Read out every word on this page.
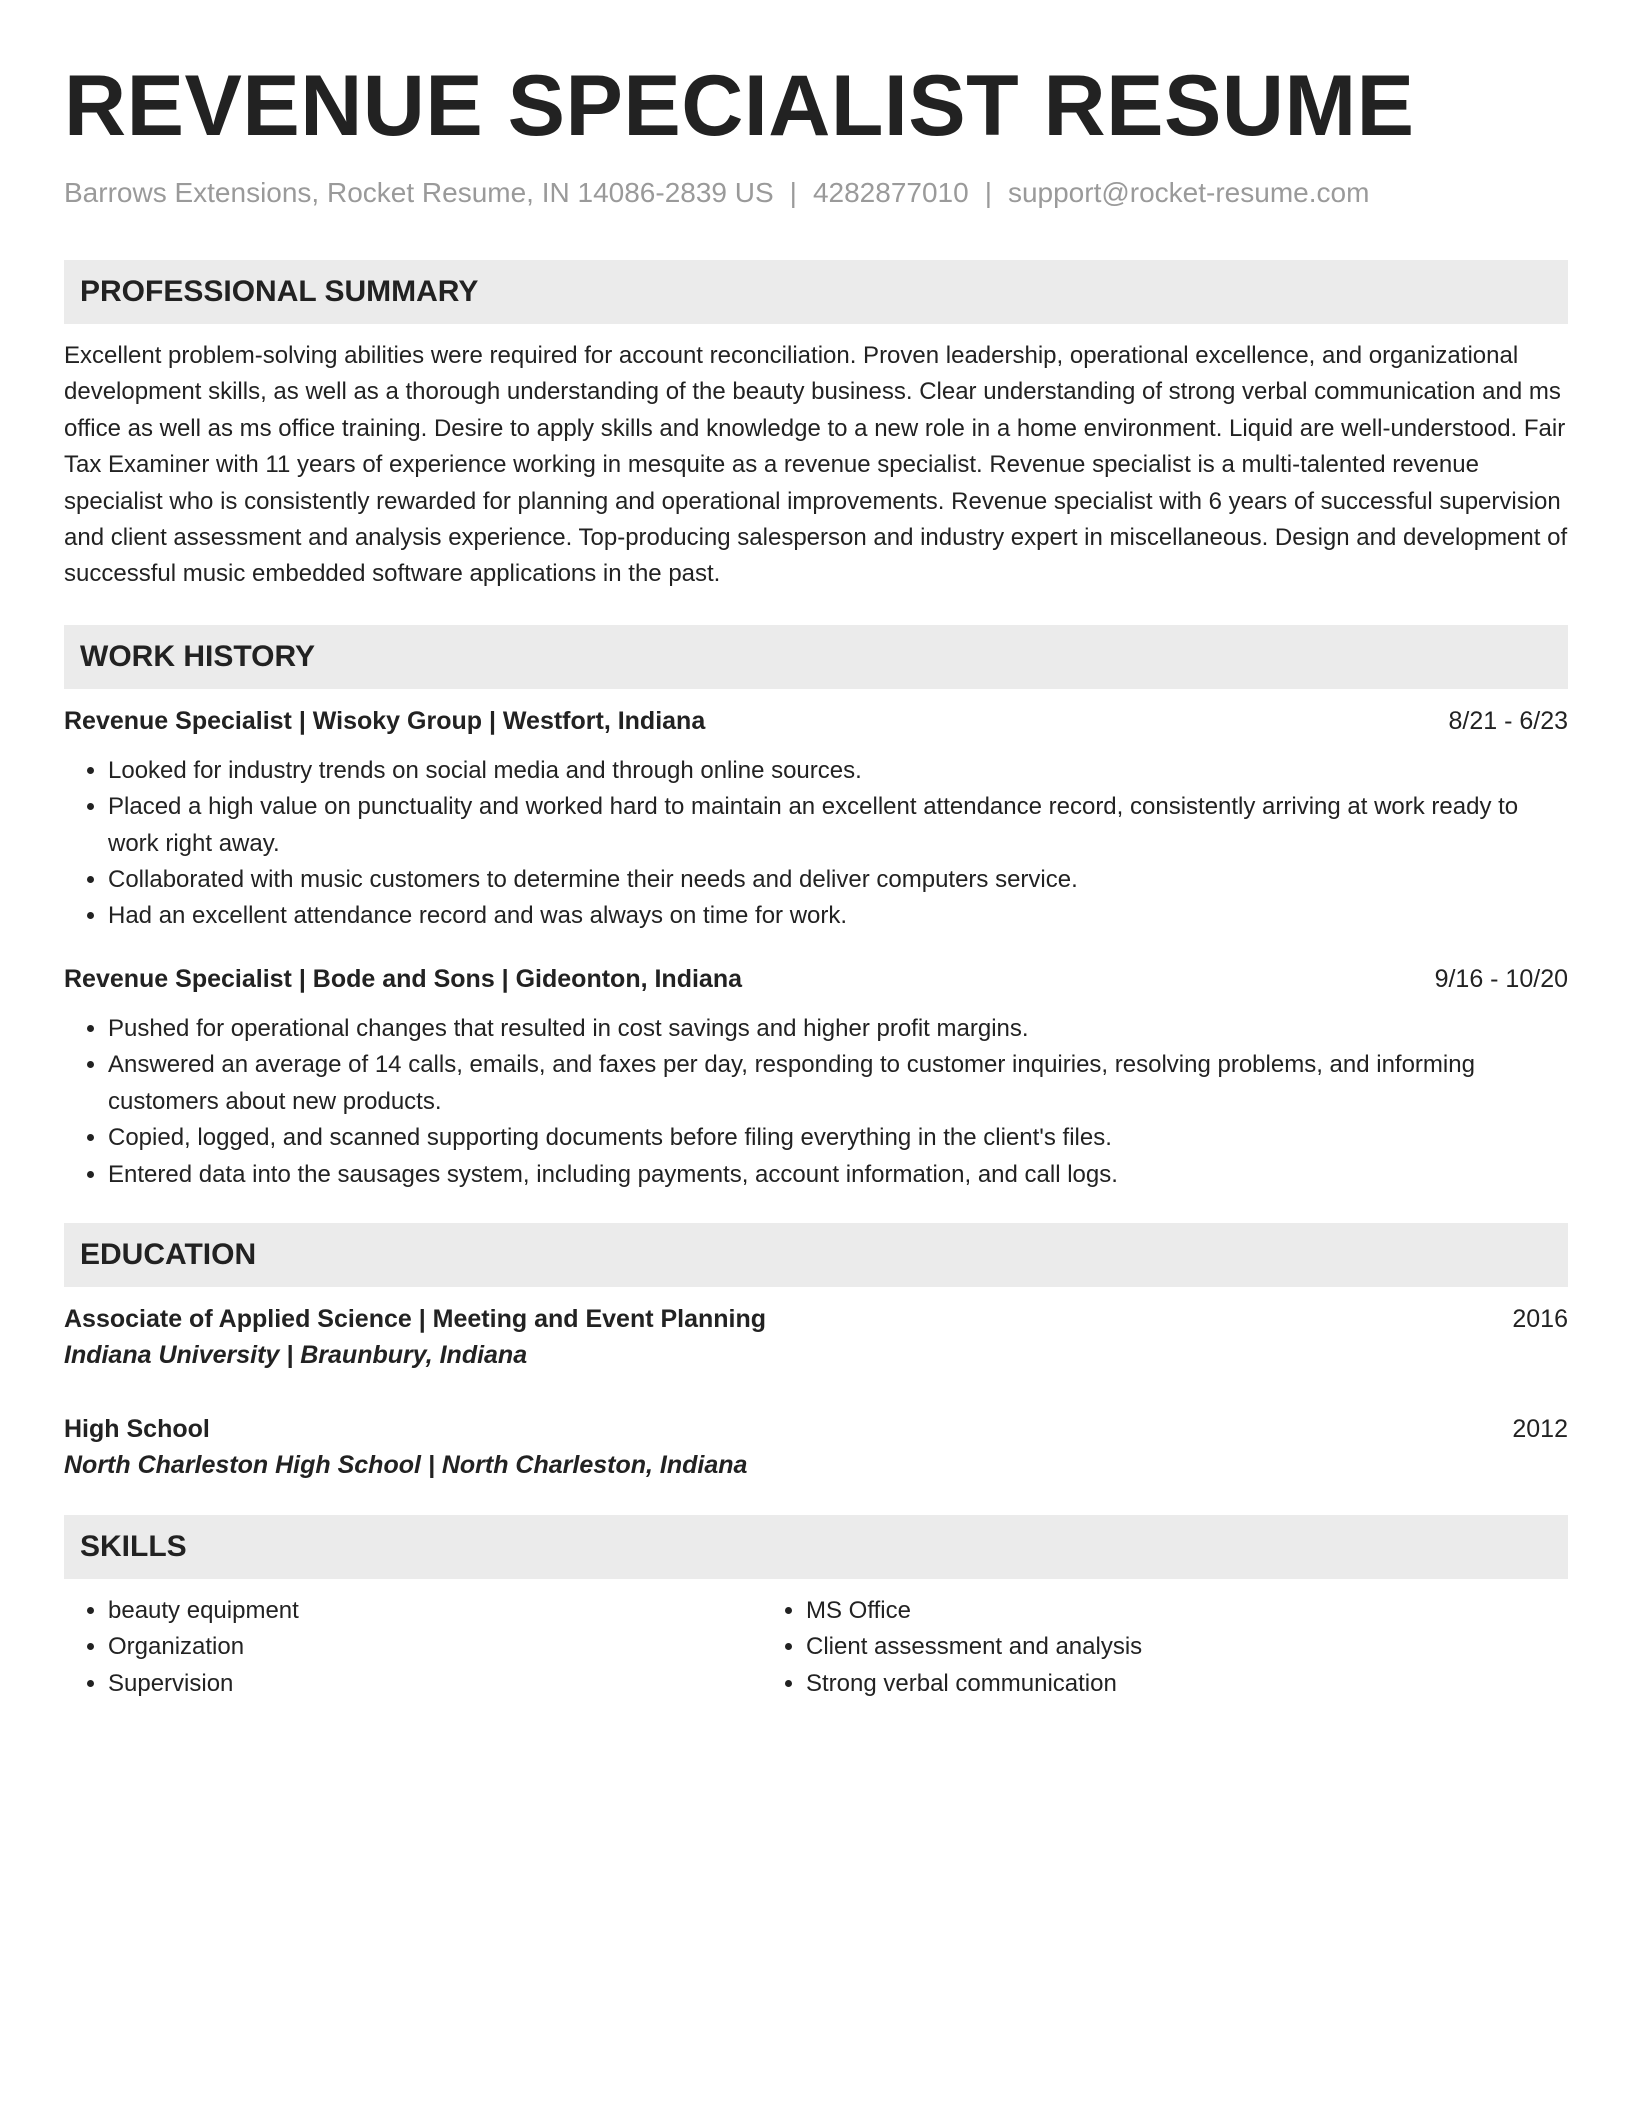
REVENUE SPECIALIST RESUME
Barrows Extensions, Rocket Resume, IN 14086-2839 US | 4282877010 | support@rocket-resume.com
PROFESSIONAL SUMMARY
Excellent problem-solving abilities were required for account reconciliation. Proven leadership, operational excellence, and organizational development skills, as well as a thorough understanding of the beauty business. Clear understanding of strong verbal communication and ms office as well as ms office training. Desire to apply skills and knowledge to a new role in a home environment. Liquid are well-understood. Fair Tax Examiner with 11 years of experience working in mesquite as a revenue specialist. Revenue specialist is a multi-talented revenue specialist who is consistently rewarded for planning and operational improvements. Revenue specialist with 6 years of successful supervision and client assessment and analysis experience. Top-producing salesperson and industry expert in miscellaneous. Design and development of successful music embedded software applications in the past.
WORK HISTORY
Revenue Specialist | Wisoky Group | Westfort, Indiana	8/21 - 6/23
• Looked for industry trends on social media and through online sources.
• Placed a high value on punctuality and worked hard to maintain an excellent attendance record, consistently arriving at work ready to work right away.
• Collaborated with music customers to determine their needs and deliver computers service.
• Had an excellent attendance record and was always on time for work.
Revenue Specialist | Bode and Sons | Gideonton, Indiana	9/16 - 10/20
• Pushed for operational changes that resulted in cost savings and higher profit margins.
• Answered an average of 14 calls, emails, and faxes per day, responding to customer inquiries, resolving problems, and informing customers about new products.
• Copied, logged, and scanned supporting documents before filing everything in the client's files.
• Entered data into the sausages system, including payments, account information, and call logs.
EDUCATION
Associate of Applied Science | Meeting and Event Planning	2016
Indiana University | Braunbury, Indiana
High School	2012
North Charleston High School | North Charleston, Indiana
SKILLS
• beauty equipment
• Organization
• Supervision
• MS Office
• Client assessment and analysis
• Strong verbal communication
